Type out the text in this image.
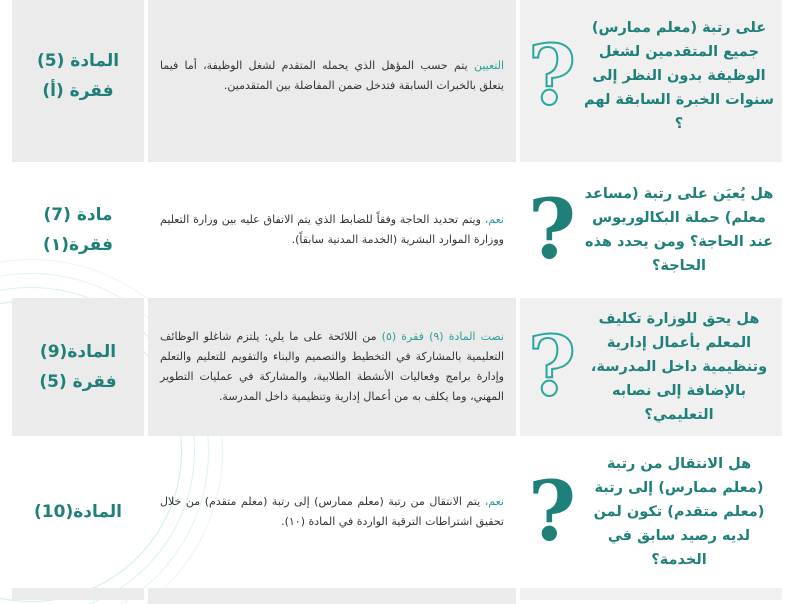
على رتبة (معلم ممارس) جميع المتقدمين لشغل الوظيفة بدون النظر إلى سنوات الخبرة السابقة لهم ؟
?
التعيين يتم حسب المؤهل الذي يحمله المتقدم لشغل الوظيفة، أما فيما يتعلق بالخبرات السابقة فتدخل ضمن المفاضلة بين المتقدمين.
المادة (5)
فقرة (أ)
هل يُعيَن على رتبة (مساعد معلم) حملة البكالوريوس عند الحاجة؟ ومن يحدد هذه الحاجة؟
?
نعم، ويتم تحديد الحاجة وفقاً للضابط الذي يتم الاتفاق عليه بين وزارة التعليم ووزارة الموارد البشرية (الخدمة المدنية سابقاً).
مادة (7)
فقرة(١)
هل يحق للوزارة تكليف المعلم بأعمال إدارية وتنظيمية داخل المدرسة، بالإضافة إلى نصابه التعليمي؟
?
نصت المادة (٩) فقرة (٥) من اللائحة على ما يلي: يلتزم شاغلو الوظائف التعليمية بالمشاركة في التخطيط والتصميم والبناء والتقويم للتعليم والتعلم وإدارة برامج وفعاليات الأنشطة الطلابية، والمشاركة في عمليات التطوير المهني، وما يكلف به من أعمال إدارية وتنظيمية داخل المدرسة.
المادة(9)
فقرة (5)
هل الانتقال من رتبة (معلم ممارس) إلى رتبة (معلم متقدم) تكون لمن لديه رصيد سابق في الخدمة؟
?
نعم، يتم الانتقال من رتبة (معلم ممارس) إلى رتبة (معلم متقدم) من خلال تحقيق اشتراطات الترقية الواردة في المادة (١٠).
المادة(10)
